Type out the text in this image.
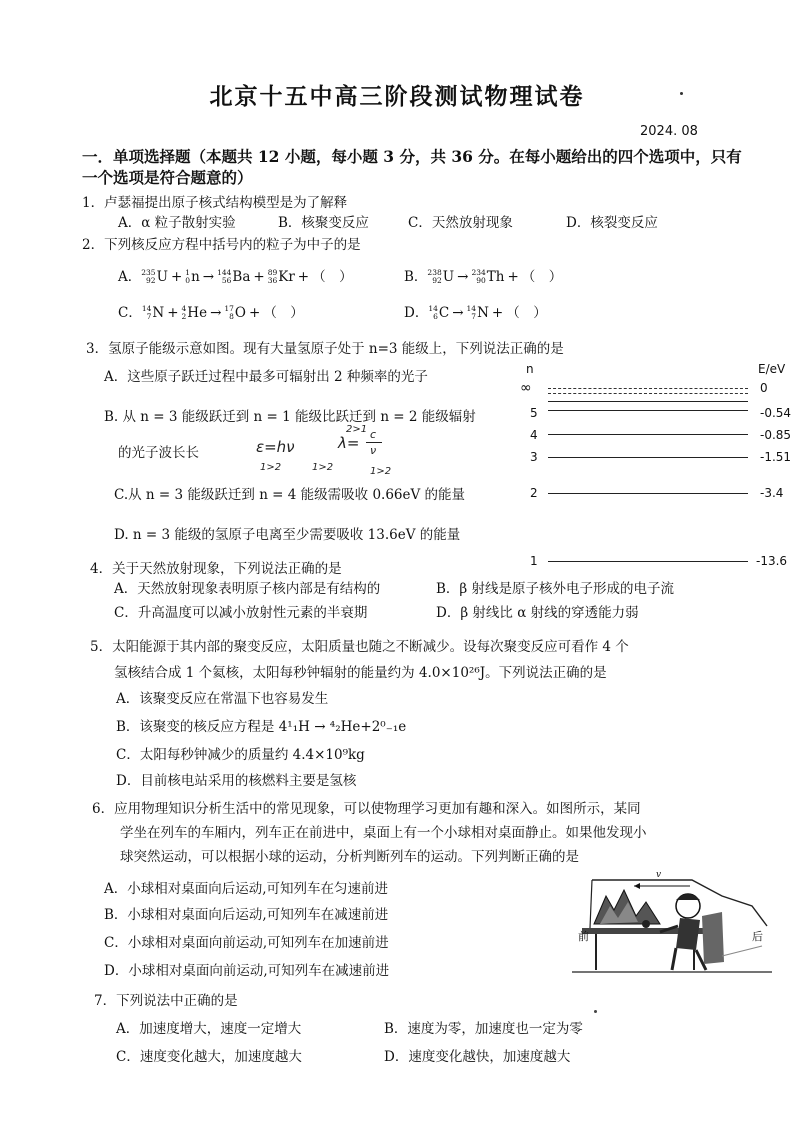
北京十五中高三阶段测试物理试卷
2024. 08
一．单项选择题（本题共 12 小题，每小题 3 分，共 36 分。在每小题给出的四个选项中，只有一个选项是符合题意的）
1．卢瑟福提出原子核式结构模型是为了解释
A．α 粒子散射实验	B．核聚变反应	C．天然放射现象	D．核裂变反应
2．下列核反应方程中括号内的粒子为中子的是
A． 235
92 U + 1
0 n → 144
56 Ba + 89
36 Kr + （　）	B． 238
92 U → 234
90 Th + （　）
C． 14
7 N + 4
2 He → 17
8 O + （　）	D． 14
6 C → 14
7 N + （　）
3．氢原子能级示意如图。现有大量氢原子处于 n=3 能级上，下列说法正确的是
A．这些原子跃迁过程中最多可辐射出 2 种频率的光子
B. 从 n = 3 能级跃迁到 n = 1 能级比跃迁到 n = 2 能级辐射
的光子波长长
C.从 n = 3 能级跃迁到 n = 4 能级需吸收 0.66eV 的能量
D. n = 3 能级的氢原子电离至少需要吸收 13.6eV 的能量
ε=hν	λ= c
ν
1>2	1>2
2>1
1>2
n	E/eV
∞	0
5	-0.54
4	-0.85
3	-1.51
2	-3.4
1	-13.6
4．关于天然放射现象，下列说法正确的是
A．天然放射现象表明原子核内部是有结构的	B．β 射线是原子核外电子形成的电子流
C．升高温度可以减小放射性元素的半衰期	D．β 射线比 α 射线的穿透能力弱
5．太阳能源于其内部的聚变反应，太阳质量也随之不断减少。设每次聚变反应可看作 4 个
氢核结合成 1 个氦核，太阳每秒钟辐射的能量约为 4.0×10²⁶J。下列说法正确的是
A．该聚变反应在常温下也容易发生
B．该聚变的核反应方程是 4¹₁H → ⁴₂He+2⁰₋₁e
C．太阳每秒钟减少的质量约 4.4×10⁹kg
D．目前核电站采用的核燃料主要是氢核
6．应用物理知识分析生活中的常见现象，可以使物理学习更加有趣和深入。如图所示，某同
学坐在列车的车厢内，列车正在前进中，桌面上有一个小球相对桌面静止。如果他发现小
球突然运动，可以根据小球的运动，分析判断列车的运动。下列判断正确的是
A．小球相对桌面向后运动,可知列车在匀速前进
B．小球相对桌面向后运动,可知列车在减速前进
C．小球相对桌面向前运动,可知列车在加速前进
D．小球相对桌面向前运动,可知列车在减速前进
前	后
v
7．下列说法中正确的是
A．加速度增大，速度一定增大	B．速度为零，加速度也一定为零
C．速度变化越大，加速度越大	D．速度变化越快，加速度越大
